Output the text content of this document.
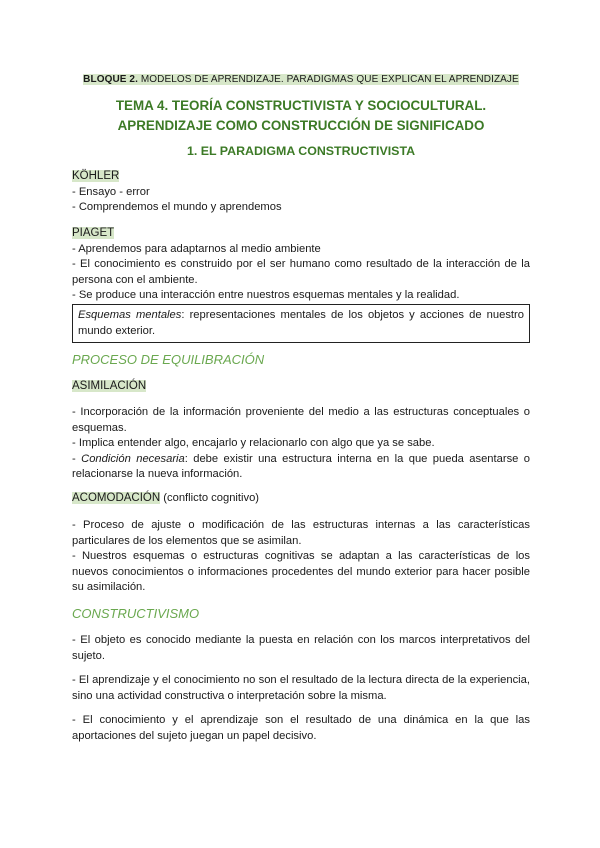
BLOQUE 2. MODELOS DE APRENDIZAJE. PARADIGMAS QUE EXPLICAN EL APRENDIZAJE
TEMA 4. TEORÍA CONSTRUCTIVISTA Y SOCIOCULTURAL.
APRENDIZAJE COMO CONSTRUCCIÓN DE SIGNIFICADO
1. EL PARADIGMA CONSTRUCTIVISTA
KÖHLER
- Ensayo - error
- Comprendemos el mundo y aprendemos
PIAGET
- Aprendemos para adaptarnos al medio ambiente
- El conocimiento es construido por el ser humano como resultado de la interacción de la persona con el ambiente.
- Se produce una interacción entre nuestros esquemas mentales y la realidad.
Esquemas mentales: representaciones mentales de los objetos y acciones de nuestro mundo exterior.
PROCESO DE EQUILIBRACIÓN
ASIMILACIÓN
- Incorporación de la información proveniente del medio a las estructuras conceptuales o esquemas.
- Implica entender algo, encajarlo y relacionarlo con algo que ya se sabe.
- Condición necesaria: debe existir una estructura interna en la que pueda asentarse o relacionarse la nueva información.
ACOMODACIÓN (conflicto cognitivo)
- Proceso de ajuste o modificación de las estructuras internas a las características particulares de los elementos que se asimilan.
- Nuestros esquemas o estructuras cognitivas se adaptan a las características de los nuevos conocimientos o informaciones procedentes del mundo exterior para hacer posible su asimilación.
CONSTRUCTIVISMO
- El objeto es conocido mediante la puesta en relación con los marcos interpretativos del sujeto.
- El aprendizaje y el conocimiento no son el resultado de la lectura directa de la experiencia, sino una actividad constructiva o interpretación sobre la misma.
- El conocimiento y el aprendizaje son el resultado de una dinámica en la que las aportaciones del sujeto juegan un papel decisivo.
